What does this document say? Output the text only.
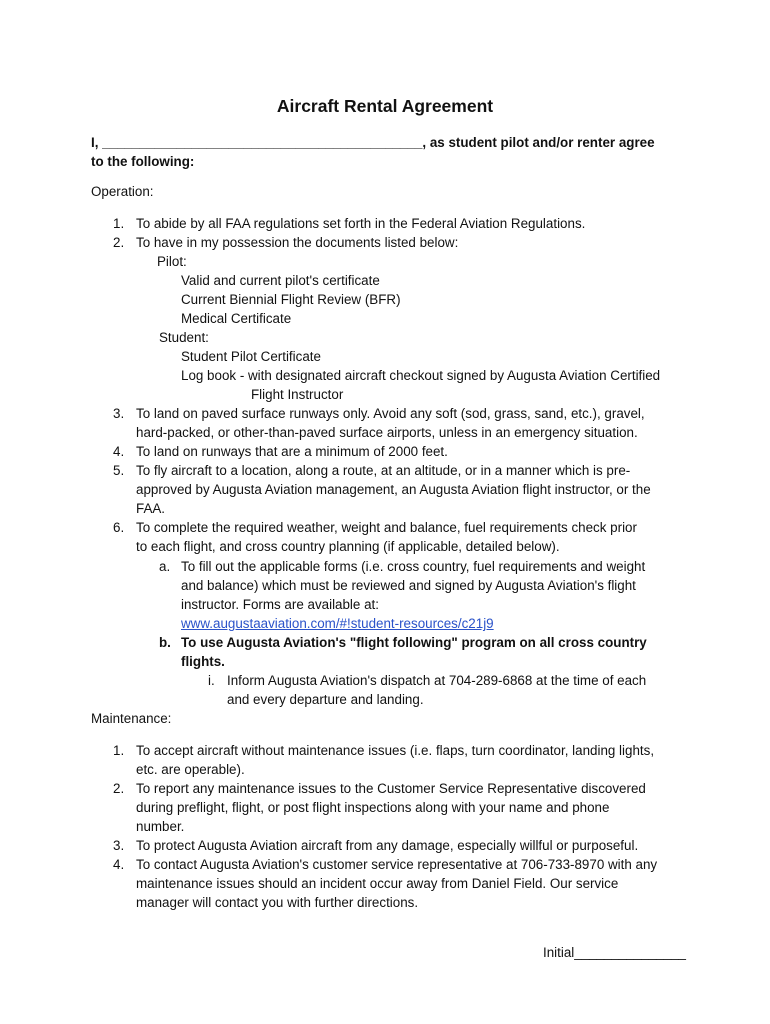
Aircraft Rental Agreement
I, ___________________________________________, as student pilot and/or renter agree
to the following:
Operation:
1. To abide by all FAA regulations set forth in the Federal Aviation Regulations.
2. To have in my possession the documents listed below:
Pilot:
Valid and current pilot's certificate
Current Biennial Flight Review (BFR)
Medical Certificate
Student:
Student Pilot Certificate
Log book - with designated aircraft checkout signed by Augusta Aviation Certified
Flight Instructor
3. To land on paved surface runways only. Avoid any soft (sod, grass, sand, etc.), gravel,
hard-packed, or other-than-paved surface airports, unless in an emergency situation.
4. To land on runways that are a minimum of 2000 feet.
5. To fly aircraft to a location, along a route, at an altitude, or in a manner which is pre-
approved by Augusta Aviation management, an Augusta Aviation flight instructor, or the
FAA.
6. To complete the required weather, weight and balance, fuel requirements check prior
to each flight, and cross country planning (if applicable, detailed below).
a. To fill out the applicable forms (i.e. cross country, fuel requirements and weight
and balance) which must be reviewed and signed by Augusta Aviation's flight
instructor. Forms are available at:
www.augustaaviation.com/#!student-resources/c21j9
b. To use Augusta Aviation's "flight following" program on all cross country
flights.
i. Inform Augusta Aviation's dispatch at 704-289-6868 at the time of each
and every departure and landing.
Maintenance:
1. To accept aircraft without maintenance issues (i.e. flaps, turn coordinator, landing lights,
etc. are operable).
2. To report any maintenance issues to the Customer Service Representative discovered
during preflight, flight, or post flight inspections along with your name and phone
number.
3. To protect Augusta Aviation aircraft from any damage, especially willful or purposeful.
4. To contact Augusta Aviation's customer service representative at 706-733-8970 with any
maintenance issues should an incident occur away from Daniel Field. Our service
manager will contact you with further directions.
Initial_______________
